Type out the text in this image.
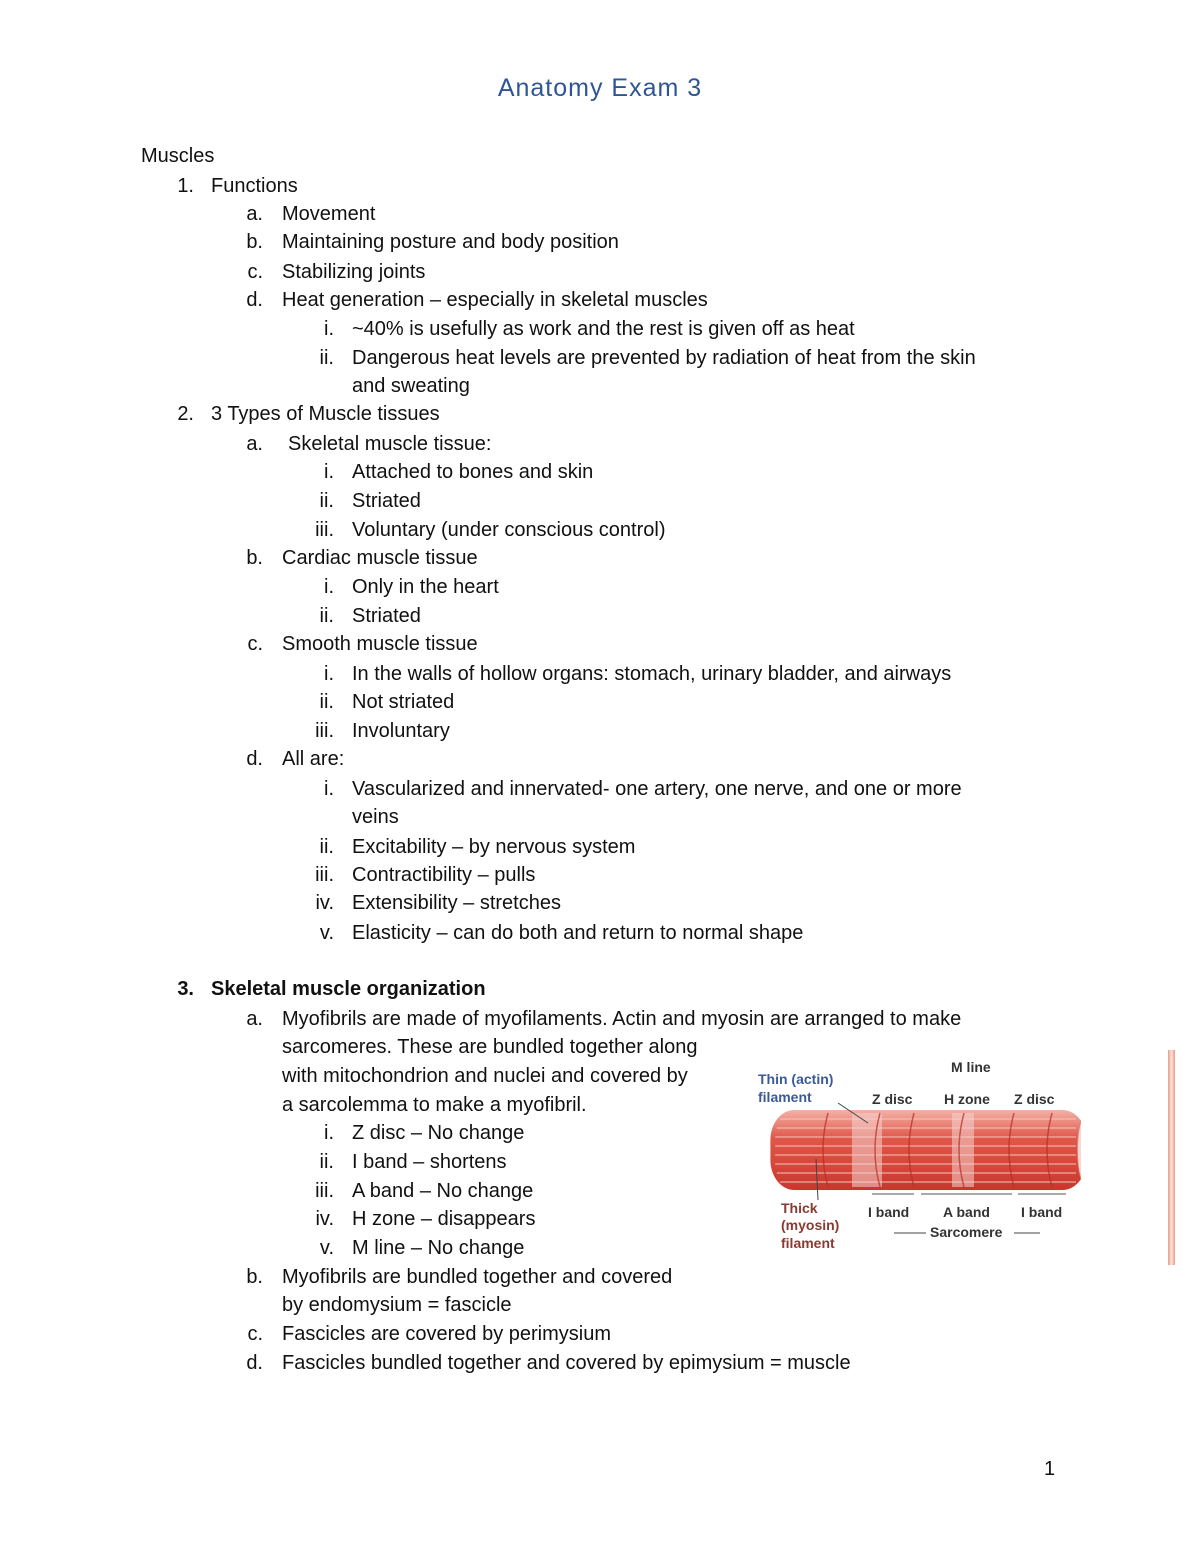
Anatomy Exam 3
Muscles
1. Functions
a. Movement
b. Maintaining posture and body position
c. Stabilizing joints
d. Heat generation – especially in skeletal muscles
i. ~40% is usefully as work and the rest is given off as heat
ii. Dangerous heat levels are prevented by radiation of heat from the skin
and sweating
2. 3 Types of Muscle tissues
a. Skeletal muscle tissue:
i. Attached to bones and skin
ii. Striated
iii. Voluntary (under conscious control)
b. Cardiac muscle tissue
i. Only in the heart
ii. Striated
c. Smooth muscle tissue
i. In the walls of hollow organs: stomach, urinary bladder, and airways
ii. Not striated
iii. Involuntary
d. All are:
i. Vascularized and innervated- one artery, one nerve, and one or more
veins
ii. Excitability – by nervous system
iii. Contractibility – pulls
iv. Extensibility – stretches
v. Elasticity – can do both and return to normal shape
3. Skeletal muscle organization
a. Myofibrils are made of myofilaments. Actin and myosin are arranged to make
sarcomeres. These are bundled together along
with mitochondrion and nuclei and covered by
a sarcolemma to make a myofibril.
i. Z disc – No change
ii. I band – shortens
iii. A band – No change
iv. H zone – disappears
v. M line – No change
b. Myofibrils are bundled together and covered
by endomysium = fascicle
c. Fascicles are covered by perimysium
d. Fascicles bundled together and covered by epimysium = muscle
M line
Thin (actin)
filament	Z disc H zone Z disc
Thick
(myosin)
filament
I band A band I band
Sarcomere
1
